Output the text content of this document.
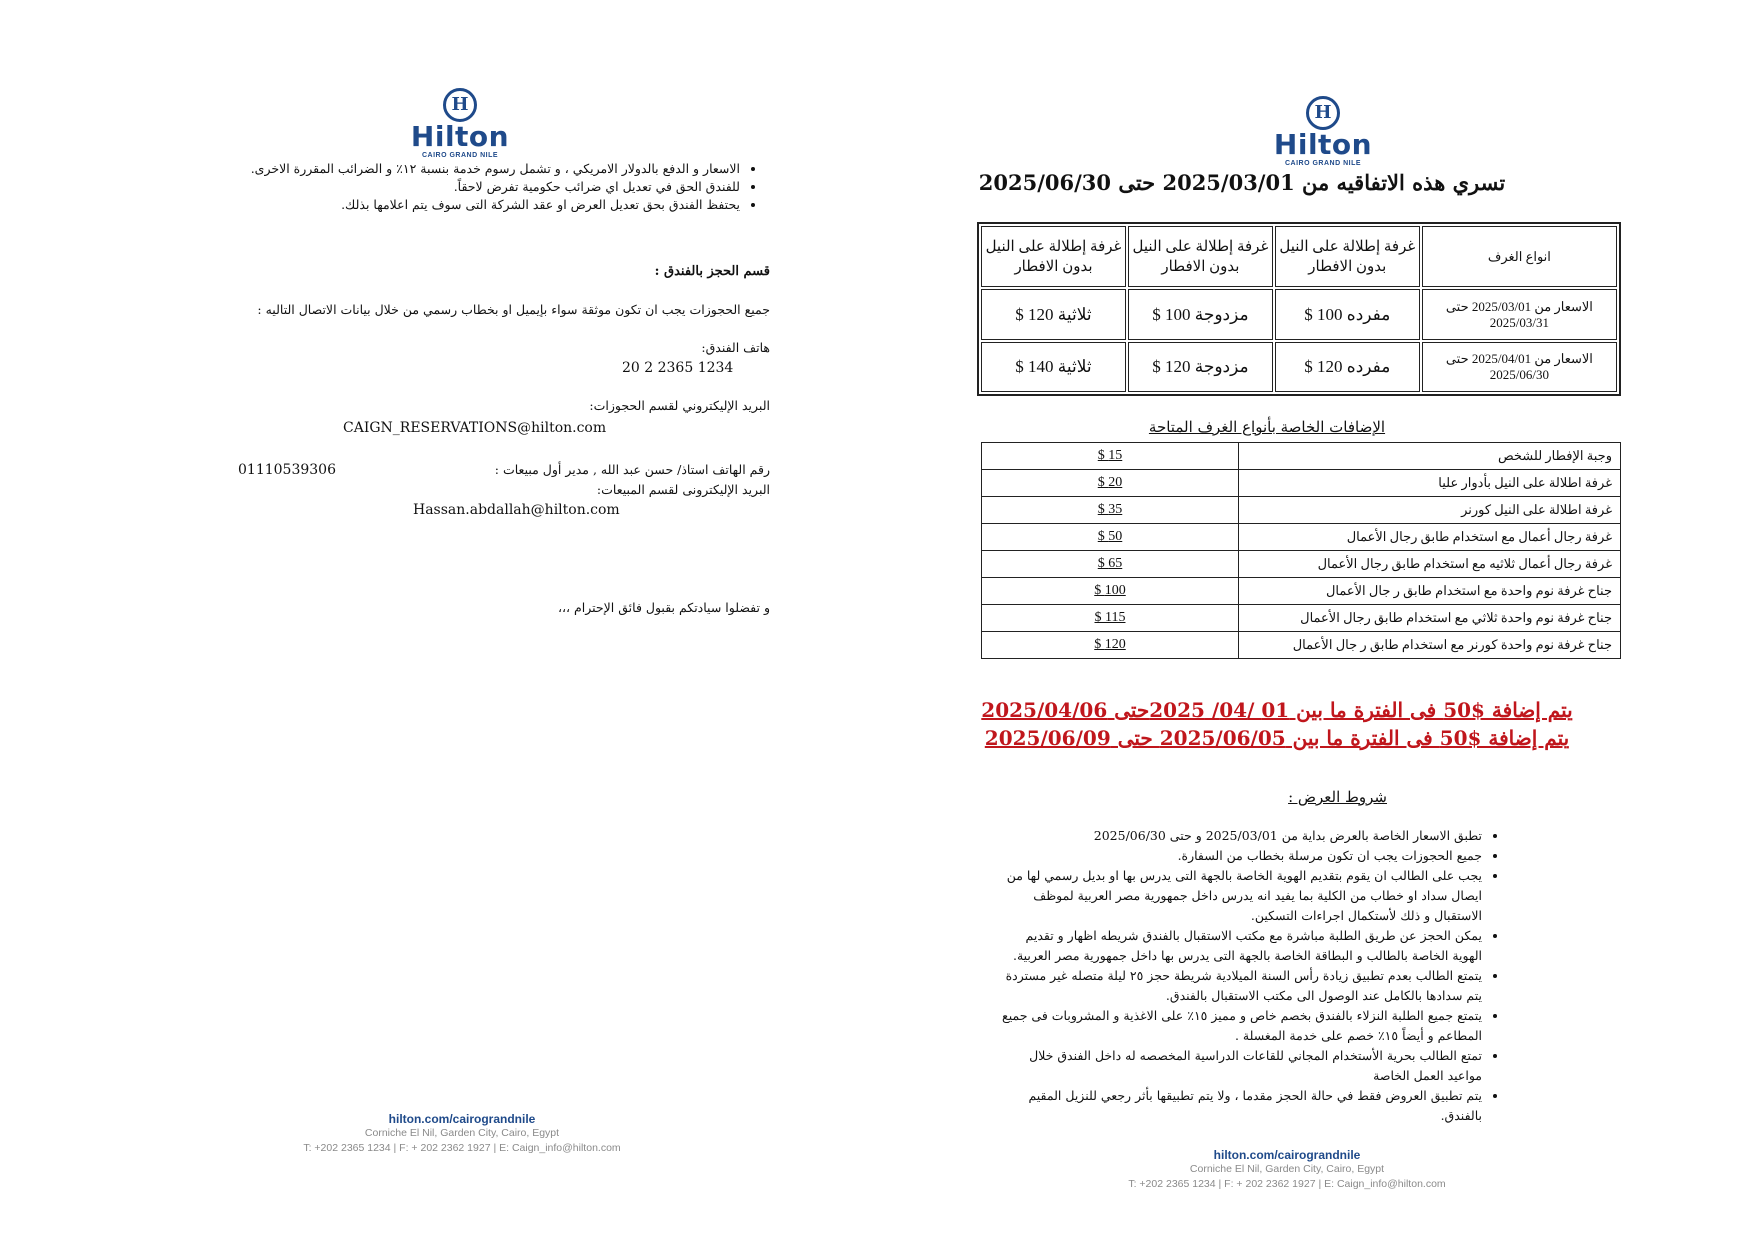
H
Hilton
CAIRO GRAND NILE
• الاسعار و الدفع بالدولار الامريكي ، و تشمل رسوم خدمة بنسبة ١٢٪ و الضرائب المقررة الاخرى.
• للفندق الحق في تعديل اي ضرائب حكومية تفرض لاحقاً.
• يحتفظ الفندق بحق تعديل العرض او عقد الشركة التى سوف يتم اعلامها بذلك.
قسم الحجز بالفندق :
جميع الحجوزات يجب ان تكون موثقة سواء بإيميل او بخطاب رسمي من خلال بيانات الاتصال التاليه :
هاتف الفندق:
20 2 2365 1234
البريد الإليكتروني لقسم الحجوزات:
CAIGN_RESERVATIONS@hilton.com
01110539306	رقم الهاتف استاذ/ حسن عبد الله , مدير أول مبيعات :
البريد الإليكترونى لقسم المبيعات:
Hassan.abdallah@hilton.com
و تفضلوا سيادتكم بقبول فائق الإحترام ،،،
hilton.com/cairograndnile
Corniche El Nil, Garden City, Cairo, Egypt
T: +202 2365 1234 | F: + 202 2362 1927 | E: Caign_info@hilton.com
H
Hilton
CAIRO GRAND NILE
تسري هذه الاتفاقيه من 2025/03/01 حتى 2025/06/30
انواع الغرف	غرفة إطلالة على النيل بدون الافطار	غرفة إطلالة على النيل بدون الافطار	غرفة إطلالة على النيل بدون الافطار
الاسعار من 2025/03/01 حتى 2025/03/31	مفرده 100 $	مزدوجة 100 $	ثلاثية 120 $
الاسعار من 2025/04/01 حتى 2025/06/30	مفرده 120 $	مزدوجة 120 $	ثلاثية 140 $
الإضافات الخاصة بأنواع الغرف المتاحة
وجبة الإفطار للشخص	15 $
غرفة اطلالة على النيل بأدوار عليا	20 $
غرفة اطلالة على النيل كورنر	35 $
غرفة رجال أعمال مع استخدام طابق رجال الأعمال	50 $
غرفة رجال أعمال ثلاثيه مع استخدام طابق رجال الأعمال	65 $
جناح غرفة نوم واحدة مع استخدام طابق ر جال الأعمال	100 $
جناح غرفة نوم واحدة ثلاثي مع استخدام طابق رجال الأعمال	115 $
جناح غرفة نوم واحدة كورنر مع استخدام طابق ر جال الأعمال	120 $
يتم إضافة $50 فى الفترة ما بين 01 /04/ 2025حتى 2025/04/06
يتم إضافة $50 فى الفترة ما بين 2025/06/05 حتى 2025/06/09
شروط العرض :
• تطبق الاسعار الخاصة بالعرض بداية من 2025/03/01 و حتى 2025/06/30
• جميع الحجوزات يجب ان تكون مرسلة بخطاب من السفارة.
• يجب على الطالب ان يقوم بتقديم الهوية الخاصة بالجهة التى يدرس بها او بديل رسمي لها من ايصال سداد او خطاب من الكلية بما يفيد انه يدرس داخل جمهورية مصر العربية لموظف الاستقبال و ذلك لأستكمال اجراءات التسكين.
• يمكن الحجز عن طريق الطلبة مباشرة مع مكتب الاستقبال بالفندق شريطه اظهار و تقديم الهوية الخاصة بالطالب و البطاقة الخاصة بالجهة التى يدرس بها داخل جمهورية مصر العربية.
• يتمتع الطالب بعدم تطبيق زيادة رأس السنة الميلادية شريطة حجز ٢٥ ليلة متصله غير مستردة يتم سدادها بالكامل عند الوصول الى مكتب الاستقبال بالفندق.
• يتمتع جميع الطلبة النزلاء بالفندق بخصم خاص و مميز ١٥٪ على الاغذية و المشروبات فى جميع المطاعم و أيضاً ١٥٪ خصم على خدمة المغسلة .
• تمتع الطالب بحرية الأستخدام المجاني للقاعات الدراسية المخصصه له داخل الفندق خلال مواعيد العمل الخاصة
• يتم تطبيق العروض فقط في حالة الحجز مقدما ، ولا يتم تطبيقها بأثر رجعي للنزيل المقيم بالفندق.
hilton.com/cairograndnile
Corniche El Nil, Garden City, Cairo, Egypt
T: +202 2365 1234 | F: + 202 2362 1927 | E: Caign_info@hilton.com
